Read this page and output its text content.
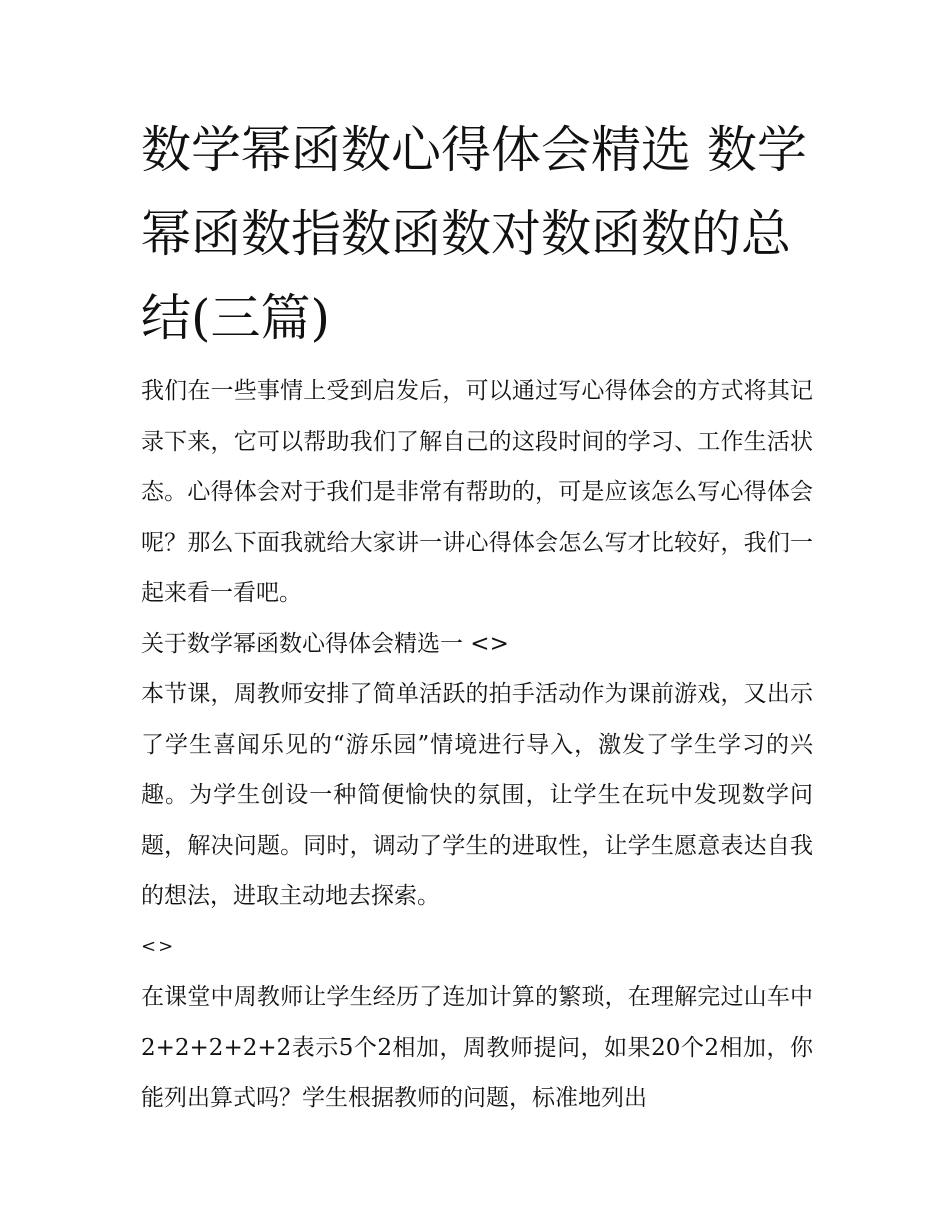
数学幂函数心得体会精选 数学幂函数指数函数对数函数的总结(三篇)

我们在一些事情上受到启发后，可以通过写心得体会的方式将其记录下来，它可以帮助我们了解自己的这段时间的学习、工作生活状态。心得体会对于我们是非常有帮助的，可是应该怎么写心得体会呢？那么下面我就给大家讲一讲心得体会怎么写才比较好，我们一起来看一看吧。

关于数学幂函数心得体会精选一 <>

本节课，周教师安排了简单活跃的拍手活动作为课前游戏，又出示了学生喜闻乐见的“游乐园”情境进行导入，激发了学生学习的兴趣。为学生创设一种简便愉快的氛围，让学生在玩中发现数学问题，解决问题。同时，调动了学生的进取性，让学生愿意表达自我的想法，进取主动地去探索。

<>

在课堂中周教师让学生经历了连加计算的繁琐，在理解完过山车中2+2+2+2+2表示5个2相加，周教师提问，如果20个2相加，你能列出算式吗？学生根据教师的问题，标准地列出
